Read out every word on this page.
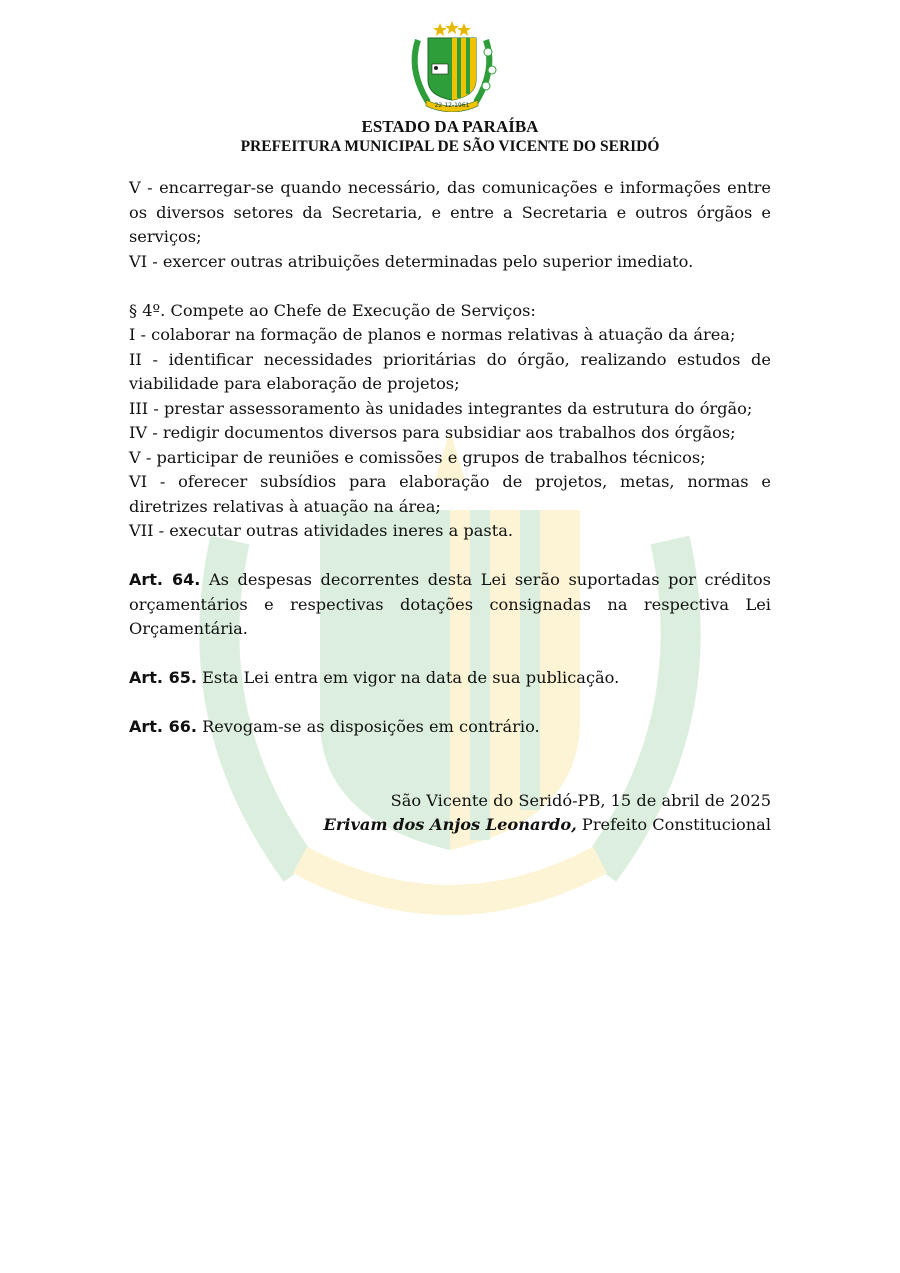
22-12-1961
ESTADO DA PARAÍBA
PREFEITURA MUNICIPAL DE SÃO VICENTE DO SERIDÓ

V - encarregar-se quando necessário, das comunicações e informações entre os diversos setores da Secretaria, e entre a Secretaria e outros órgãos e serviços;

VI - exercer outras atribuições determinadas pelo superior imediato.

§ 4º. Compete ao Chefe de Execução de Serviços:

I - colaborar na formação de planos e normas relativas à atuação da área;

II - identificar necessidades prioritárias do órgão, realizando estudos de viabilidade para elaboração de projetos;

III - prestar assessoramento às unidades integrantes da estrutura do órgão;

IV - redigir documentos diversos para subsidiar aos trabalhos dos órgãos;

V - participar de reuniões e comissões e grupos de trabalhos técnicos;

VI - oferecer subsídios para elaboração de projetos, metas, normas e diretrizes relativas à atuação na área;

VII - executar outras atividades ineres a pasta.

Art. 64. As despesas decorrentes desta Lei serão suportadas por créditos orçamentários e respectivas dotações consignadas na respectiva Lei Orçamentária.

Art. 65. Esta Lei entra em vigor na data de sua publicação.

Art. 66. Revogam-se as disposições em contrário.

São Vicente do Seridó-PB, 15 de abril de 2025

Erivam dos Anjos Leonardo, Prefeito Constitucional
